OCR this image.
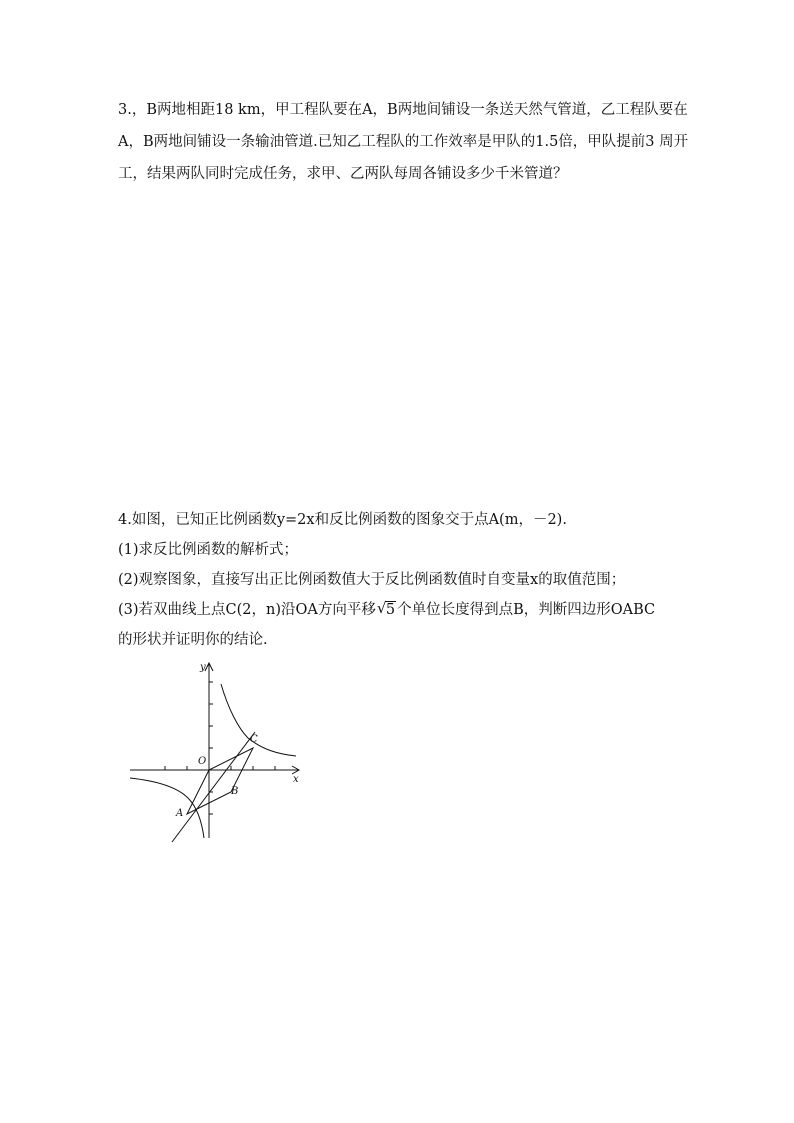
3.，B两地相距18 km，甲工程队要在A，B两地间铺设一条送天然气管道，乙工程队要在A，B两地间铺设一条输油管道.已知乙工程队的工作效率是甲队的1.5倍，甲队提前3 周开工，结果两队同时完成任务，求甲、乙两队每周各铺设多少千米管道？

4.如图，已知正比例函数y=2x和反比例函数的图象交于点A(m，－2).
(1)求反比例函数的解析式；
(2)观察图象，直接写出正比例函数值大于反比例函数值时自变量x的取值范围；
(3)若双曲线上点C(2，n)沿OA方向平移 √ 5 个单位长度得到点B，判断四边形OABC
的形状并证明你的结论.
y
x
O
A
B
C
